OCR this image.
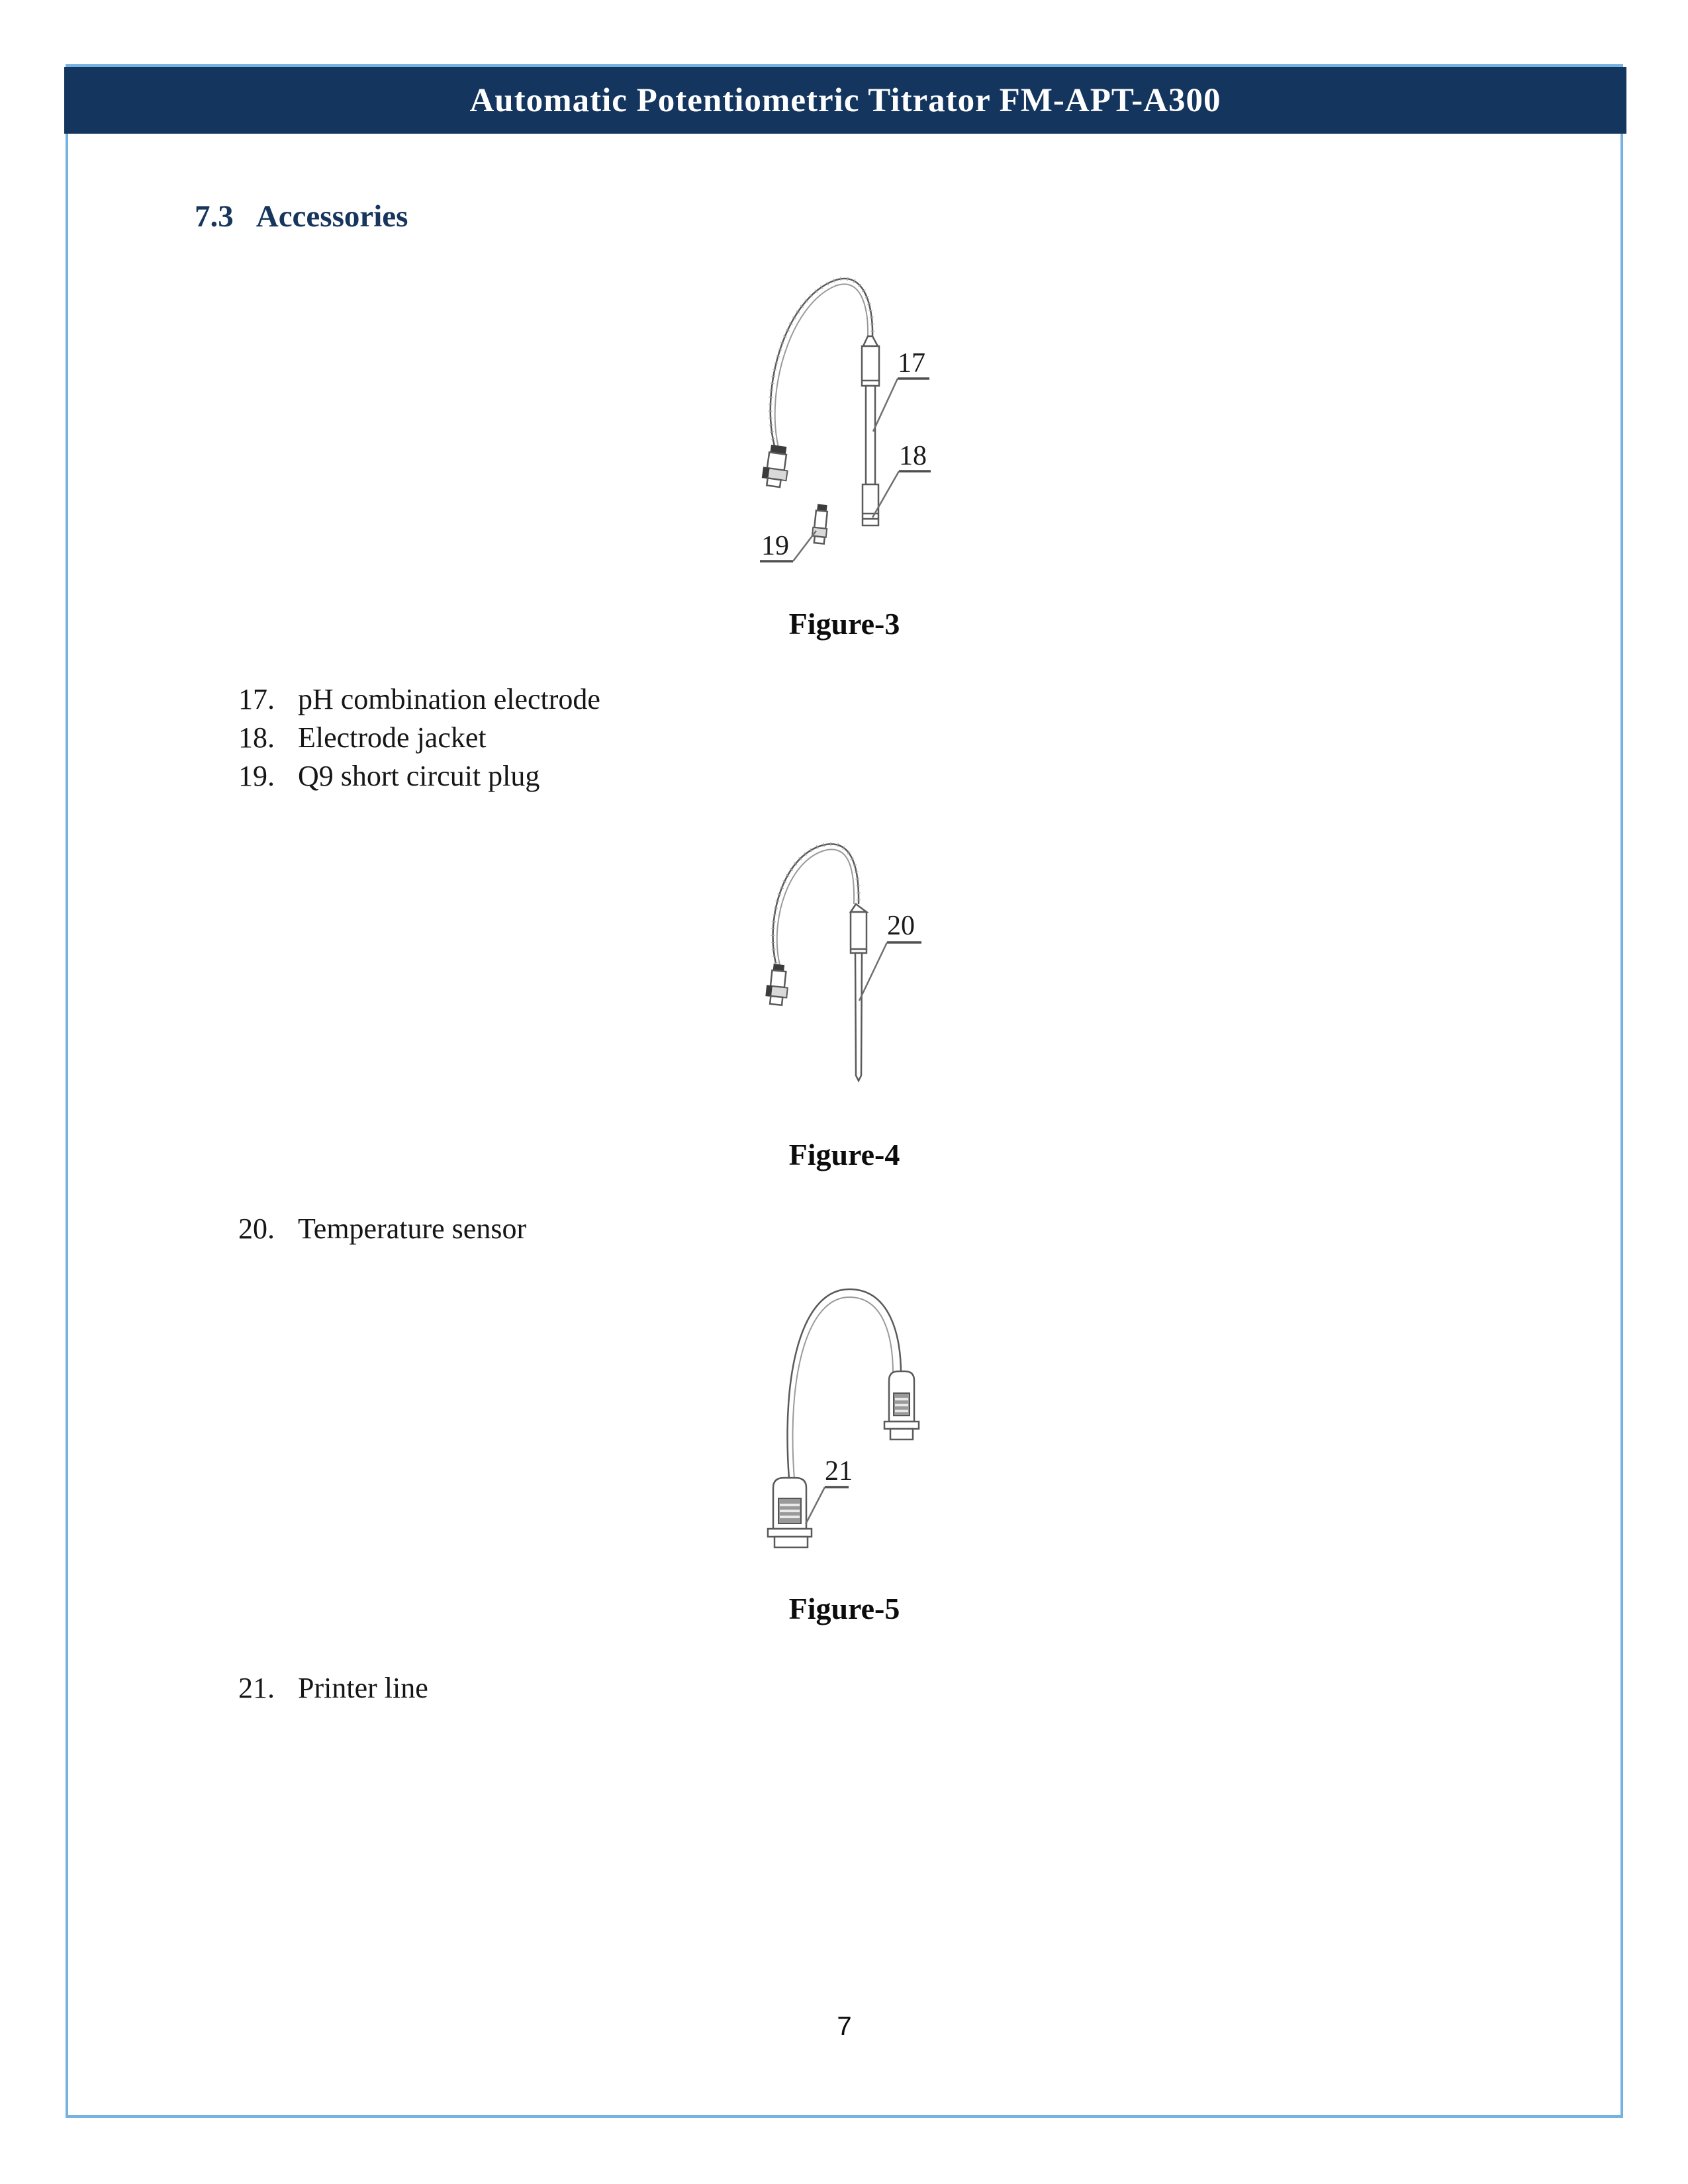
Automatic Potentiometric Titrator FM-APT-A300
7.3 Accessories
17
18
19
Figure-3
17. pH combination electrode
18. Electrode jacket
19. Q9 short circuit plug
20
Figure-4
20. Temperature sensor
21
Figure-5
21. Printer line
7
